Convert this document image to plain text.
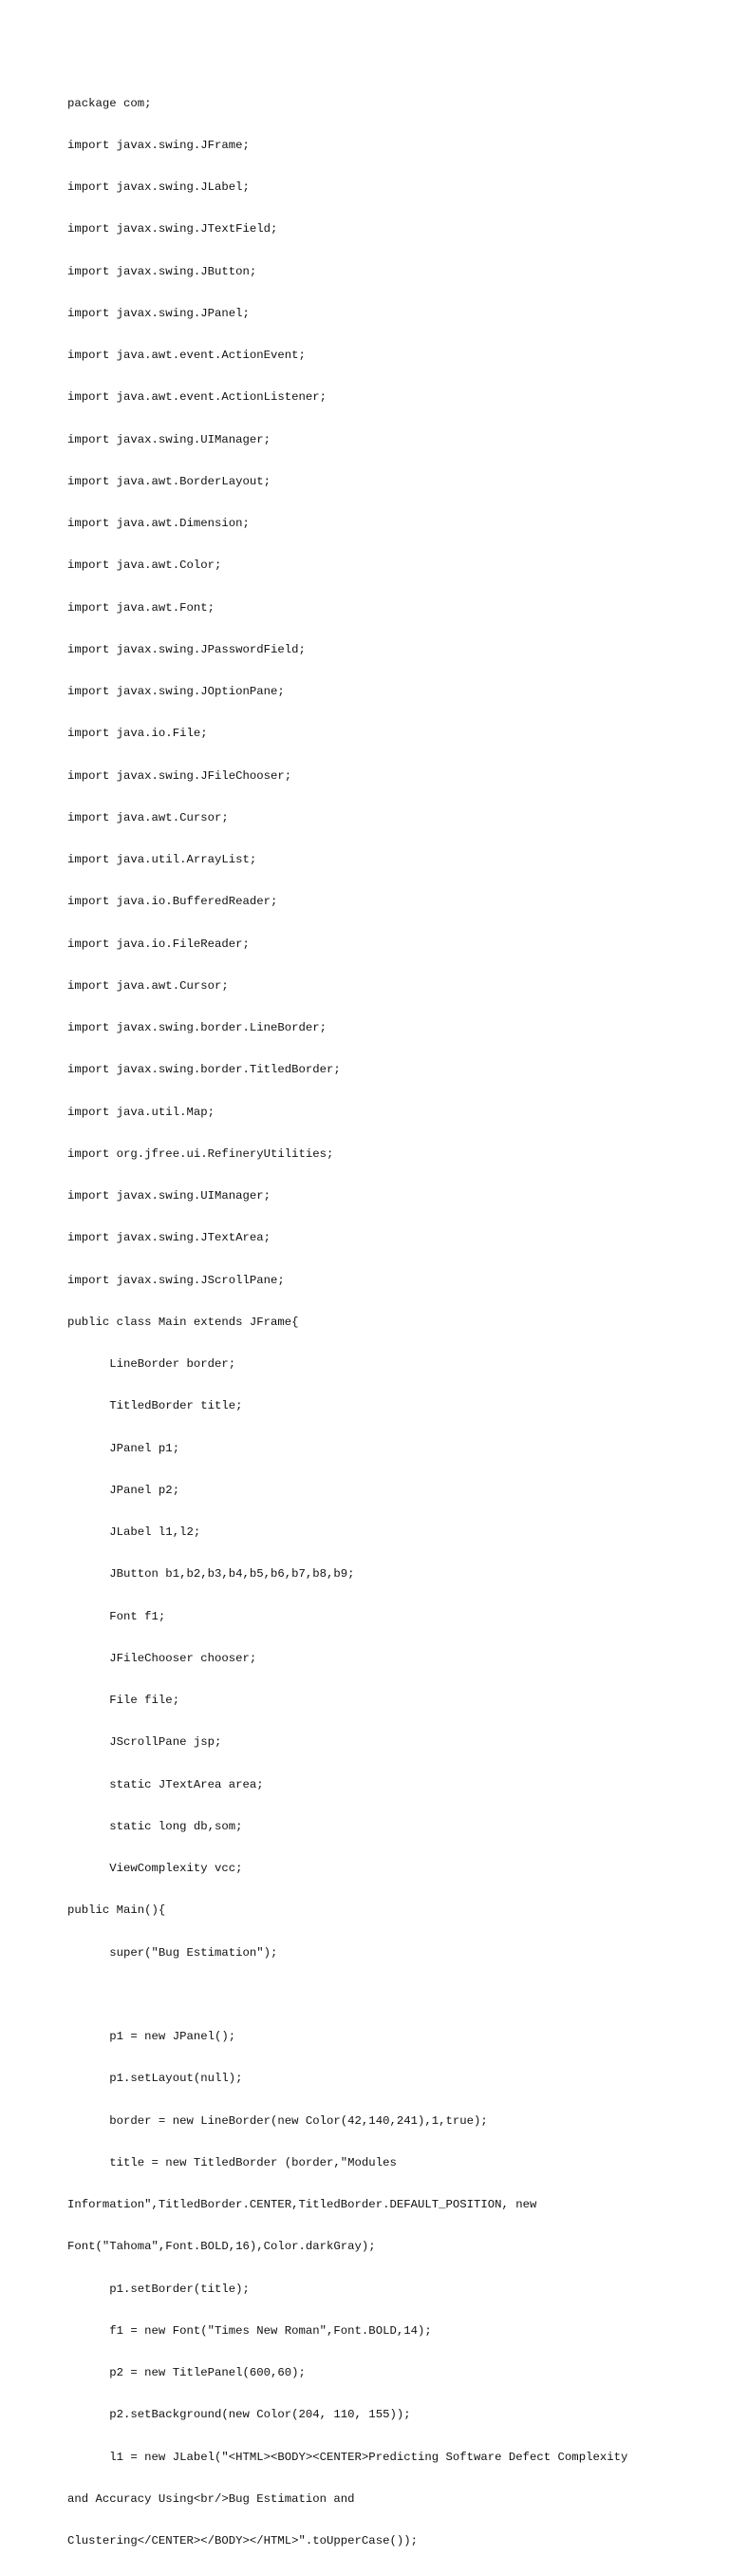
package com;

import javax.swing.JFrame;

import javax.swing.JLabel;

import javax.swing.JTextField;

import javax.swing.JButton;

import javax.swing.JPanel;

import java.awt.event.ActionEvent;

import java.awt.event.ActionListener;

import javax.swing.UIManager;

import java.awt.BorderLayout;

import java.awt.Dimension;

import java.awt.Color;

import java.awt.Font;

import javax.swing.JPasswordField;

import javax.swing.JOptionPane;

import java.io.File;

import javax.swing.JFileChooser;

import java.awt.Cursor;

import java.util.ArrayList;

import java.io.BufferedReader;

import java.io.FileReader;

import java.awt.Cursor;

import javax.swing.border.LineBorder;

import javax.swing.border.TitledBorder;

import java.util.Map;

import org.jfree.ui.RefineryUtilities;

import javax.swing.UIManager;

import javax.swing.JTextArea;

import javax.swing.JScrollPane;

public class Main extends JFrame{

LineBorder border;

TitledBorder title;

JPanel p1;

JPanel p2;

JLabel l1,l2;

JButton b1,b2,b3,b4,b5,b6,b7,b8,b9;

Font f1;

JFileChooser chooser;

File file;

JScrollPane jsp;

static JTextArea area;

static long db,som;

ViewComplexity vcc;

public Main(){

super("Bug Estimation");

p1 = new JPanel();

p1.setLayout(null);

border = new LineBorder(new Color(42,140,241),1,true);

title = new TitledBorder (border,"Modules

Information",TitledBorder.CENTER,TitledBorder.DEFAULT_POSITION, new

Font("Tahoma",Font.BOLD,16),Color.darkGray);

p1.setBorder(title);

f1 = new Font("Times New Roman",Font.BOLD,14);

p2 = new TitlePanel(600,60);

p2.setBackground(new Color(204, 110, 155));

l1 = new JLabel("<HTML><BODY><CENTER>Predicting Software Defect Complexity

and Accuracy Using<br/>Bug Estimation and

Clustering</CENTER></BODY></HTML>".toUpperCase());
